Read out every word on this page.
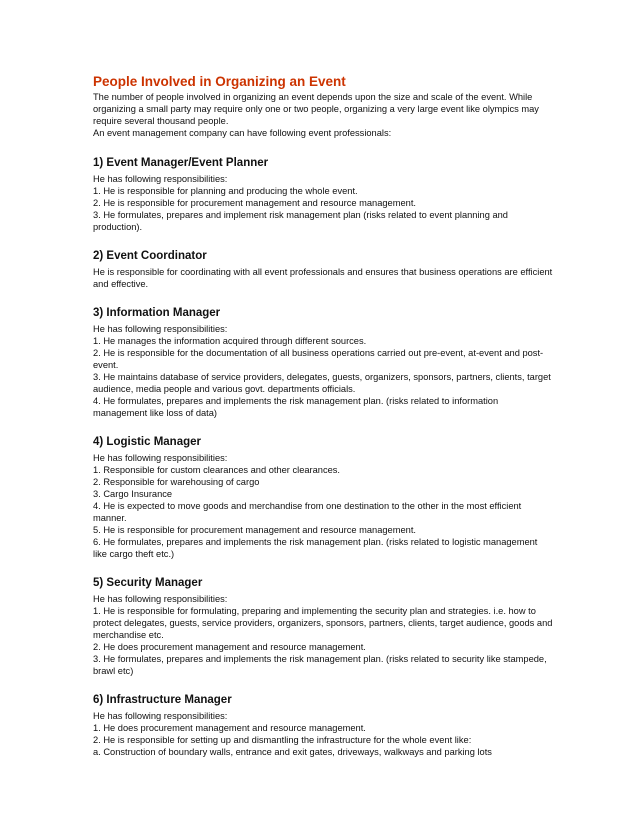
People Involved in Organizing an Event

The number of people involved in organizing an event depends upon the size and scale of the event. While organizing a small party may require only one or two people, organizing a very large event like olympics may require several thousand people.

An event management company can have following event professionals:

1) Event Manager/Event Planner

He has following responsibilities:

1. He is responsible for planning and producing the whole event.

2. He is responsible for procurement management and resource management.

3. He formulates, prepares and implement risk management plan (risks related to event planning and production).

2) Event Coordinator

He is responsible for coordinating with all event professionals and ensures that business operations are efficient and effective.

3) Information Manager

He has following responsibilities:

1. He manages the information acquired through different sources.

2. He is responsible for the documentation of all business operations carried out pre-event, at-event and post-event.

3. He maintains database of service providers, delegates, guests, organizers, sponsors, partners, clients, target audience, media people and various govt. departments officials.

4. He formulates, prepares and implements the risk management plan. (risks related to information management like loss of data)

4) Logistic Manager

He has following responsibilities:

1. Responsible for custom clearances and other clearances.

2. Responsible for warehousing of cargo

3. Cargo Insurance

4. He is expected to move goods and merchandise from one destination to the other in the most efficient manner.

5. He is responsible for procurement management and resource management.

6. He formulates, prepares and implements the risk management plan. (risks related to logistic management like cargo theft etc.)

5) Security Manager

He has following responsibilities:

1. He is responsible for formulating, preparing and implementing the security plan and strategies. i.e. how to protect delegates, guests, service providers, organizers, sponsors, partners, clients, target audience, goods and merchandise etc.

2. He does procurement management and resource management.

3. He formulates, prepares and implements the risk management plan. (risks related to security like stampede, brawl etc)

6) Infrastructure Manager

He has following responsibilities:

1. He does procurement management and resource management.

2. He is responsible for setting up and dismantling the infrastructure for the whole event like:

a. Construction of boundary walls, entrance and exit gates, driveways, walkways and parking lots
